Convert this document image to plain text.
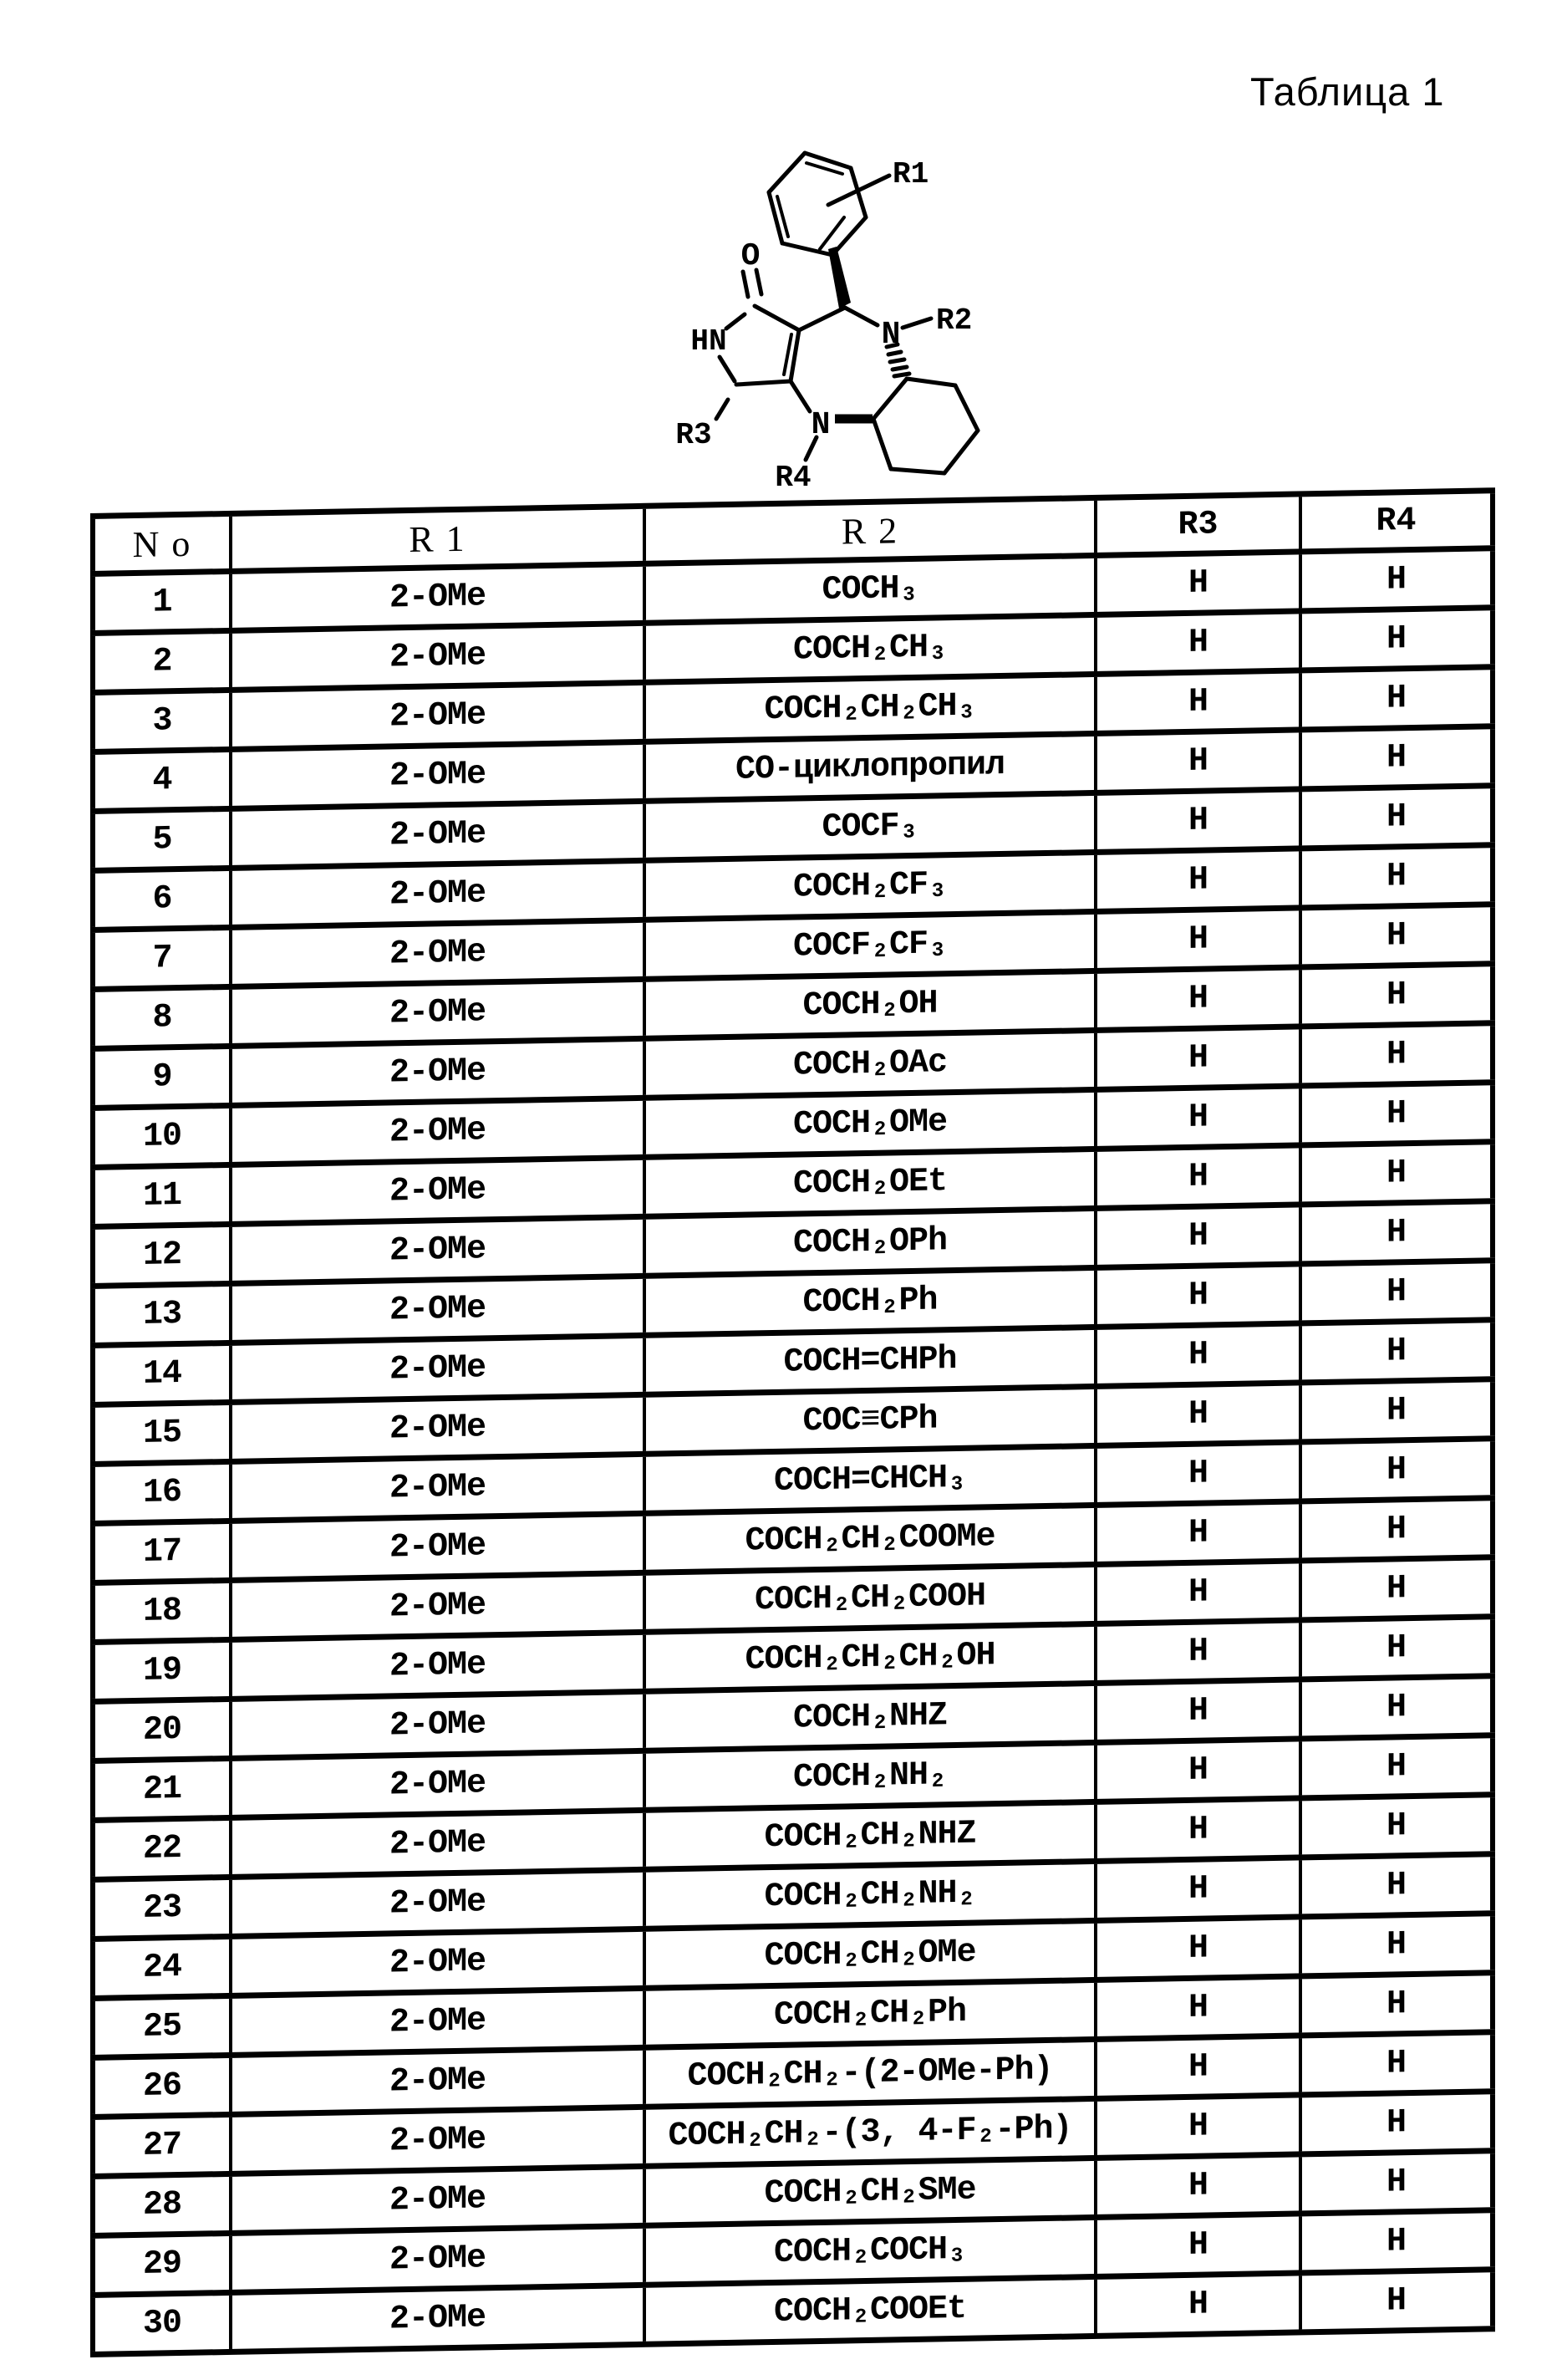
Таблица 1
O
HN	N
N
R1
R2
R3
R4
N o	R 1	R 2	R3	R4
1	2-OMe	COCH₃	H	H
2	2-OMe	COCH₂CH₃	H	H
3	2-OMe	COCH₂CH₂CH₃	H	H
4	2-OMe	CO-циклопропил	H	H
5	2-OMe	COCF₃	H	H
6	2-OMe	COCH₂CF₃	H	H
7	2-OMe	COCF₂CF₃	H	H
8	2-OMe	COCH₂OH	H	H
9	2-OMe	COCH₂OAc	H	H
10	2-OMe	COCH₂OMe	H	H
11	2-OMe	COCH₂OEt	H	H
12	2-OMe	COCH₂OPh	H	H
13	2-OMe	COCH₂Ph	H	H
14	2-OMe	COCH=CHPh	H	H
15	2-OMe	COC≡CPh	H	H
16	2-OMe	COCH=CHCH₃	H	H
17	2-OMe	COCH₂CH₂COOMe	H	H
18	2-OMe	COCH₂CH₂COOH	H	H
19	2-OMe	COCH₂CH₂CH₂OH	H	H
20	2-OMe	COCH₂NHZ	H	H
21	2-OMe	COCH₂NH₂	H	H
22	2-OMe	COCH₂CH₂NHZ	H	H
23	2-OMe	COCH₂CH₂NH₂	H	H
24	2-OMe	COCH₂CH₂OMe	H	H
25	2-OMe	COCH₂CH₂Ph	H	H
26	2-OMe	COCH₂CH₂-(2-OMe-Ph)	H	H
27	2-OMe	COCH₂CH₂-(3, 4-F₂-Ph)	H	H
28	2-OMe	COCH₂CH₂SMe	H	H
29	2-OMe	COCH₂COCH₃	H	H
30	2-OMe	COCH₂COOEt	H	H
